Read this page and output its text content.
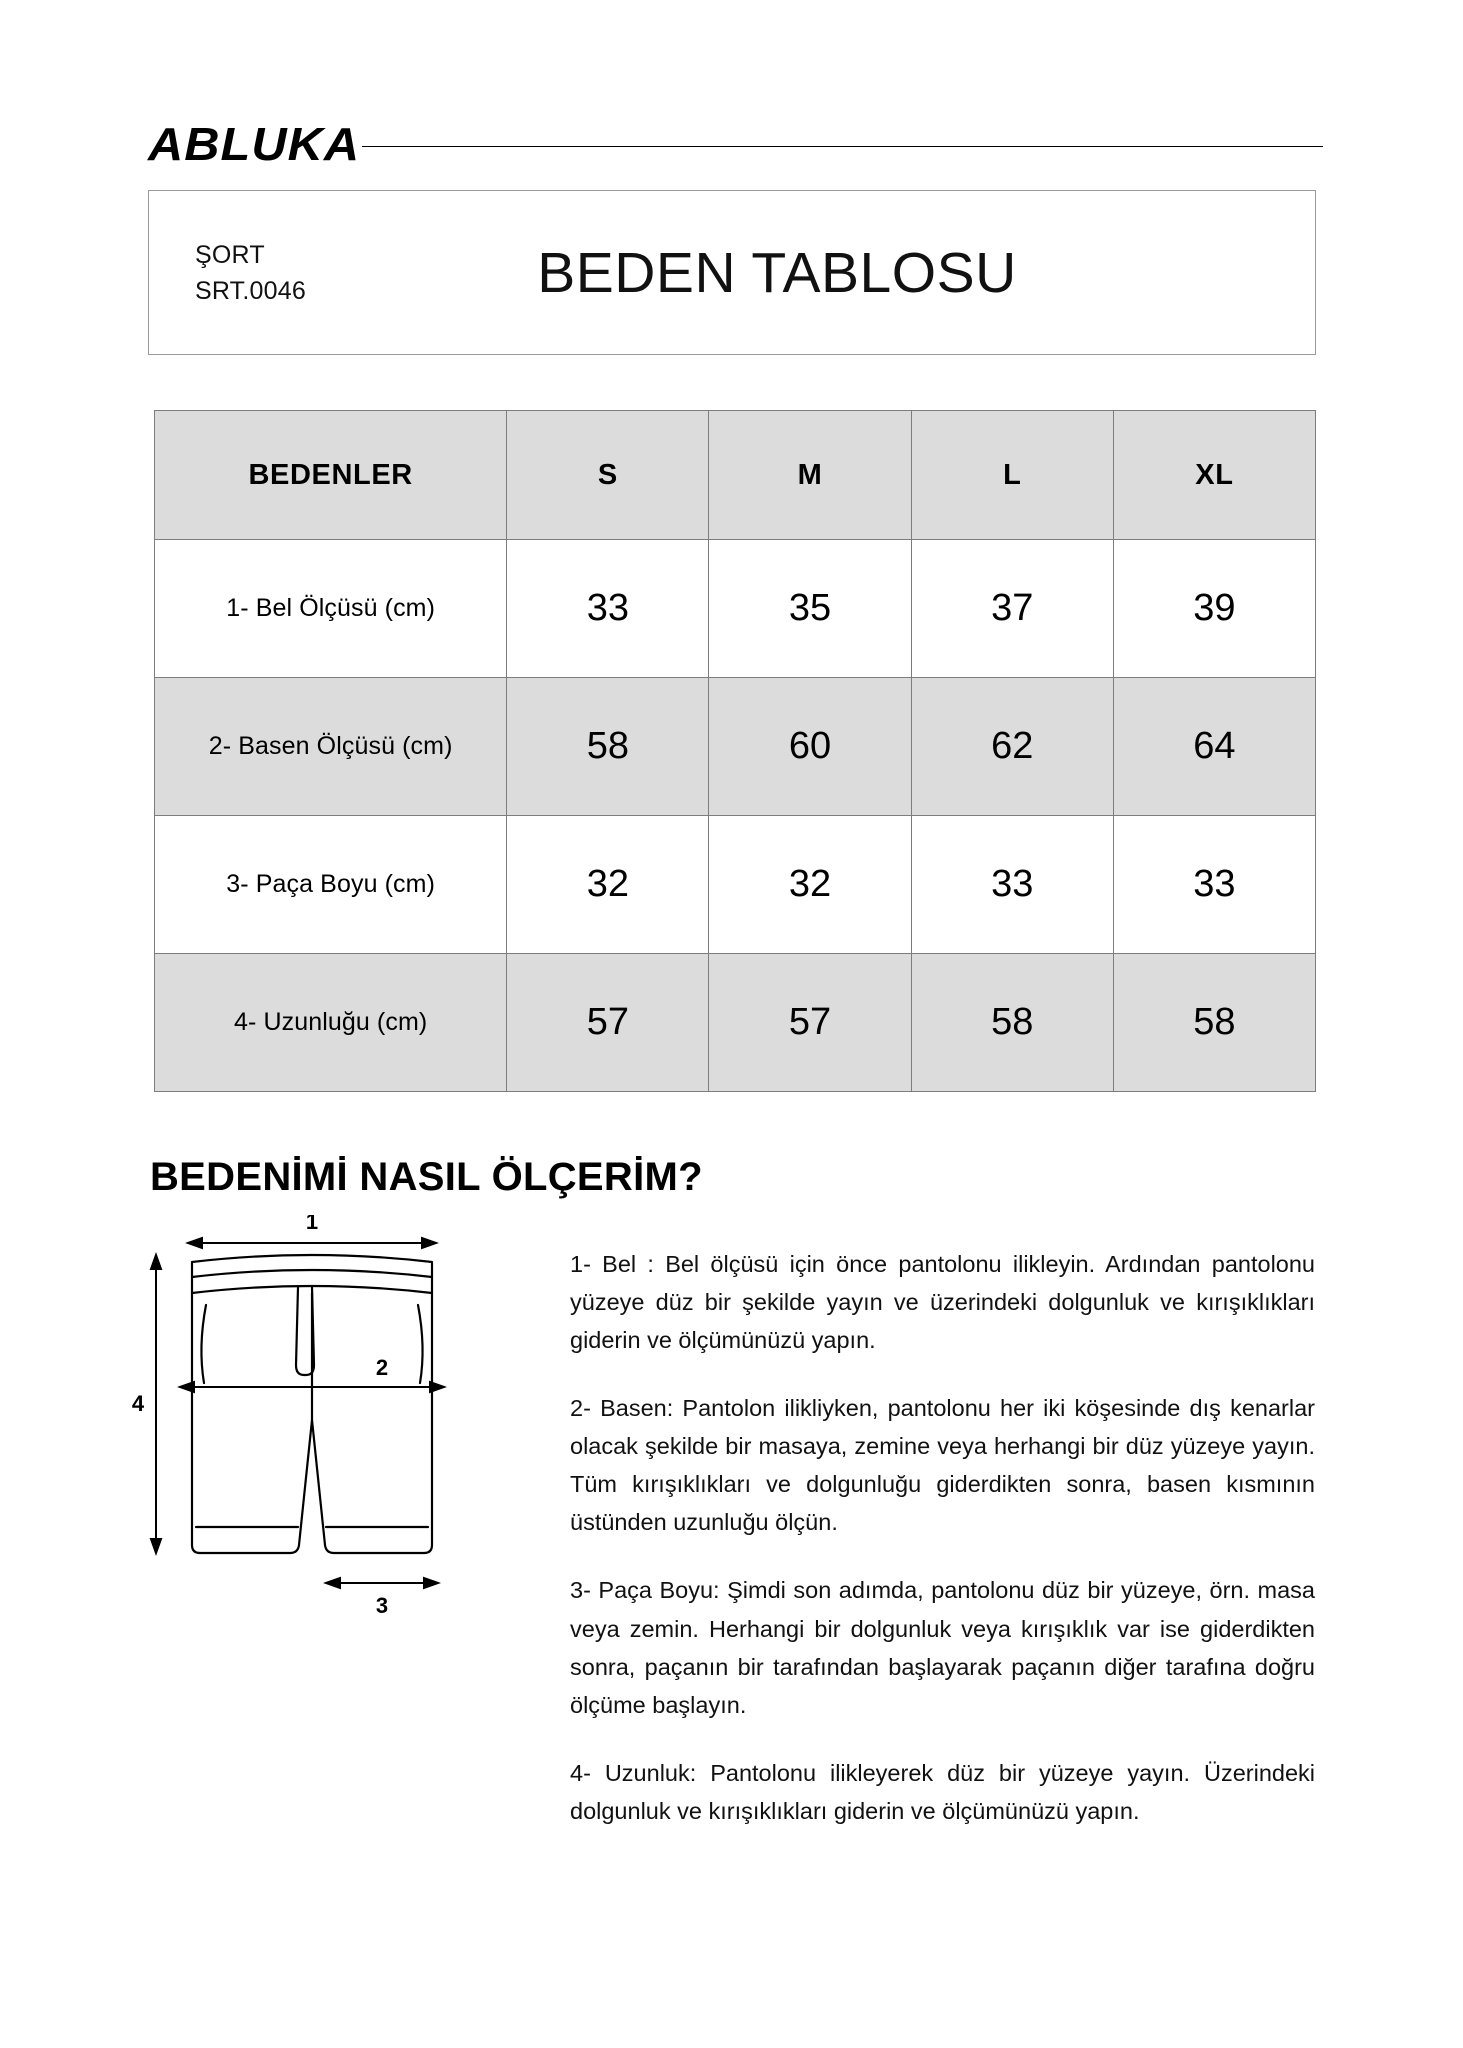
ABLUKA
ŞORT
SRT.0046	BEDEN TABLOSU
BEDENLER	S	M	L	XL
1- Bel Ölçüsü (cm)	33	35	37	39
2- Basen Ölçüsü (cm)	58	60	62	64
3- Paça Boyu (cm)	32	32	33	33
4- Uzunluğu (cm)	57	57	58	58
BEDENİMİ NASIL ÖLÇERİM?
1
2
3
4

1- Bel : Bel ölçüsü için önce pantolonu ilikleyin. Ardından pantolonu yüzeye düz bir şekilde yayın ve üzerindeki dolgunluk ve kırışıklıkları giderin ve ölçümünüzü yapın.

2- Basen: Pantolon ilikliyken, pantolonu her iki köşesinde dış kenarlar olacak şekilde bir masaya, zemine veya herhangi bir düz yüzeye yayın. Tüm kırışıklıkları ve dolgunluğu giderdikten sonra, basen kısmının üstünden uzunluğu ölçün.

3- Paça Boyu: Şimdi son adımda, pantolonu düz bir yüzeye, örn. masa veya zemin. Herhangi bir dolgunluk veya kırışıklık var ise giderdikten sonra, paçanın bir tarafından başlayarak paçanın diğer tarafına doğru ölçüme başlayın.

4- Uzunluk: Pantolonu ilikleyerek düz bir yüzeye yayın. Üzerindeki dolgunluk ve kırışıklıkları giderin ve ölçümünüzü yapın.
